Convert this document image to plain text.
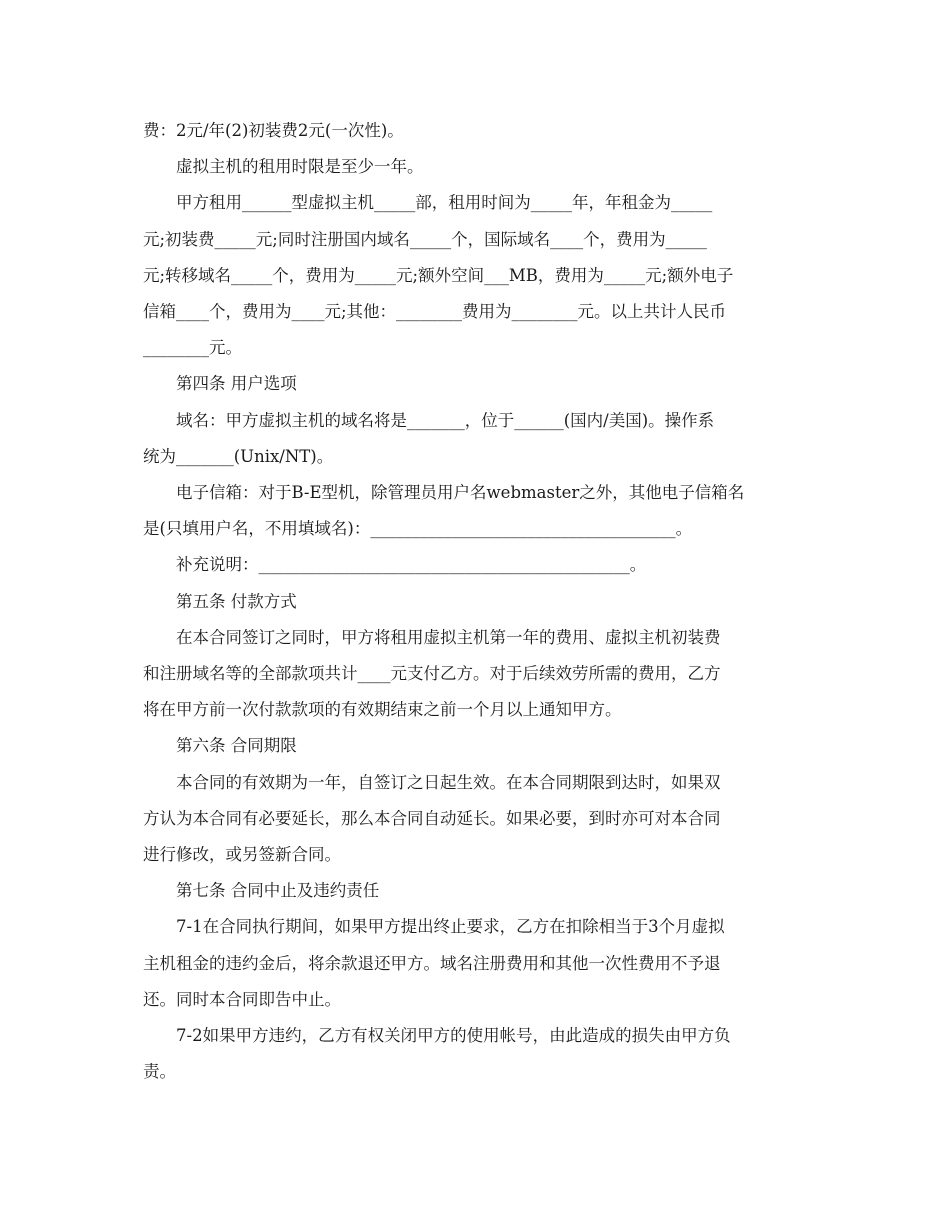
费：2元/年(2)初装费2元(一次性)。
虚拟主机的租用时限是至少一年。
甲方租用______型虚拟主机_____部，租用时间为_____年，年租金为_____
元;初装费_____元;同时注册国内域名_____个，国际域名____个，费用为_____
元;转移域名_____个，费用为_____元;额外空间___MB，费用为_____元;额外电子
信箱____个，费用为____元;其他：________费用为________元。以上共计人民币
________元。
第四条 用户选项
域名：甲方虚拟主机的域名将是_______，位于______(国内/美国)。操作系
统为_______(Unix/NT)。
电子信箱：对于B-E型机，除管理员用户名webmaster之外，其他电子信箱名
是(只填用户名，不用填域名)：_____________________________________。
补充说明：_____________________________________________。
第五条 付款方式
在本合同签订之同时，甲方将租用虚拟主机第一年的费用、虚拟主机初装费
和注册域名等的全部款项共计____元支付乙方。对于后续效劳所需的费用，乙方
将在甲方前一次付款款项的有效期结束之前一个月以上通知甲方。
第六条 合同期限
本合同的有效期为一年，自签订之日起生效。在本合同期限到达时，如果双
方认为本合同有必要延长，那么本合同自动延长。如果必要，到时亦可对本合同
进行修改，或另签新合同。
第七条 合同中止及违约责任
7-1在合同执行期间，如果甲方提出终止要求，乙方在扣除相当于3个月虚拟
主机租金的违约金后，将余款退还甲方。域名注册费用和其他一次性费用不予退
还。同时本合同即告中止。
7-2如果甲方违约，乙方有权关闭甲方的使用帐号，由此造成的损失由甲方负
责。
